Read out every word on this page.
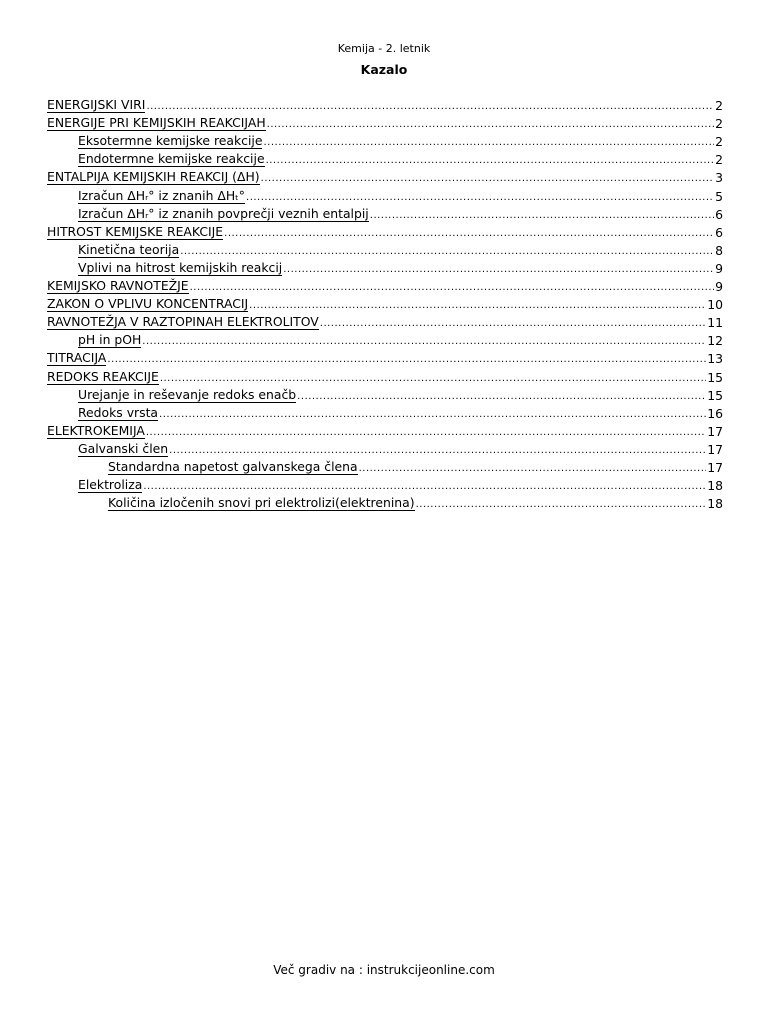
Kemija - 2. letnik
Kazalo
ENERGIJSKI VIRI .....	2
ENERGIJE PRI KEMIJSKIH REAKCIJAH .....	2
Eksotermne kemijske reakcije .....	2
Endotermne kemijske reakcije .....	2
ENTALPIJA KEMIJSKIH REAKCIJ (ΔH) .....	3
Izračun ΔHᵣ° iz znanih ΔHₜ° .....	5
Izračun ΔHᵣ° iz znanih povprečji veznih entalpij .....	6
HITROST KEMIJSKE REAKCIJE .....	6
Kinetična teorija .....	8
Vplivi na hitrost kemijskih reakcij .....	9
KEMIJSKO RAVNOTEŽJE .....	9
ZAKON O VPLIVU KONCENTRACIJ .....	10
RAVNOTEŽJA V RAZTOPINAH ELEKTROLITOV .....	11
pH in pOH .....	12
TITRACIJA .....	13
REDOKS REAKCIJE .....	15
Urejanje in reševanje redoks enačb .....	15
Redoks vrsta .....	16
ELEKTROKEMIJA .....	17
Galvanski člen .....	17
Standardna napetost galvanskega člena .....	17
Elektroliza .....	18
Količina izločenih snovi pri elektrolizi(elektrenina) .....	18
Več gradiv na : instrukcijeonline.com
